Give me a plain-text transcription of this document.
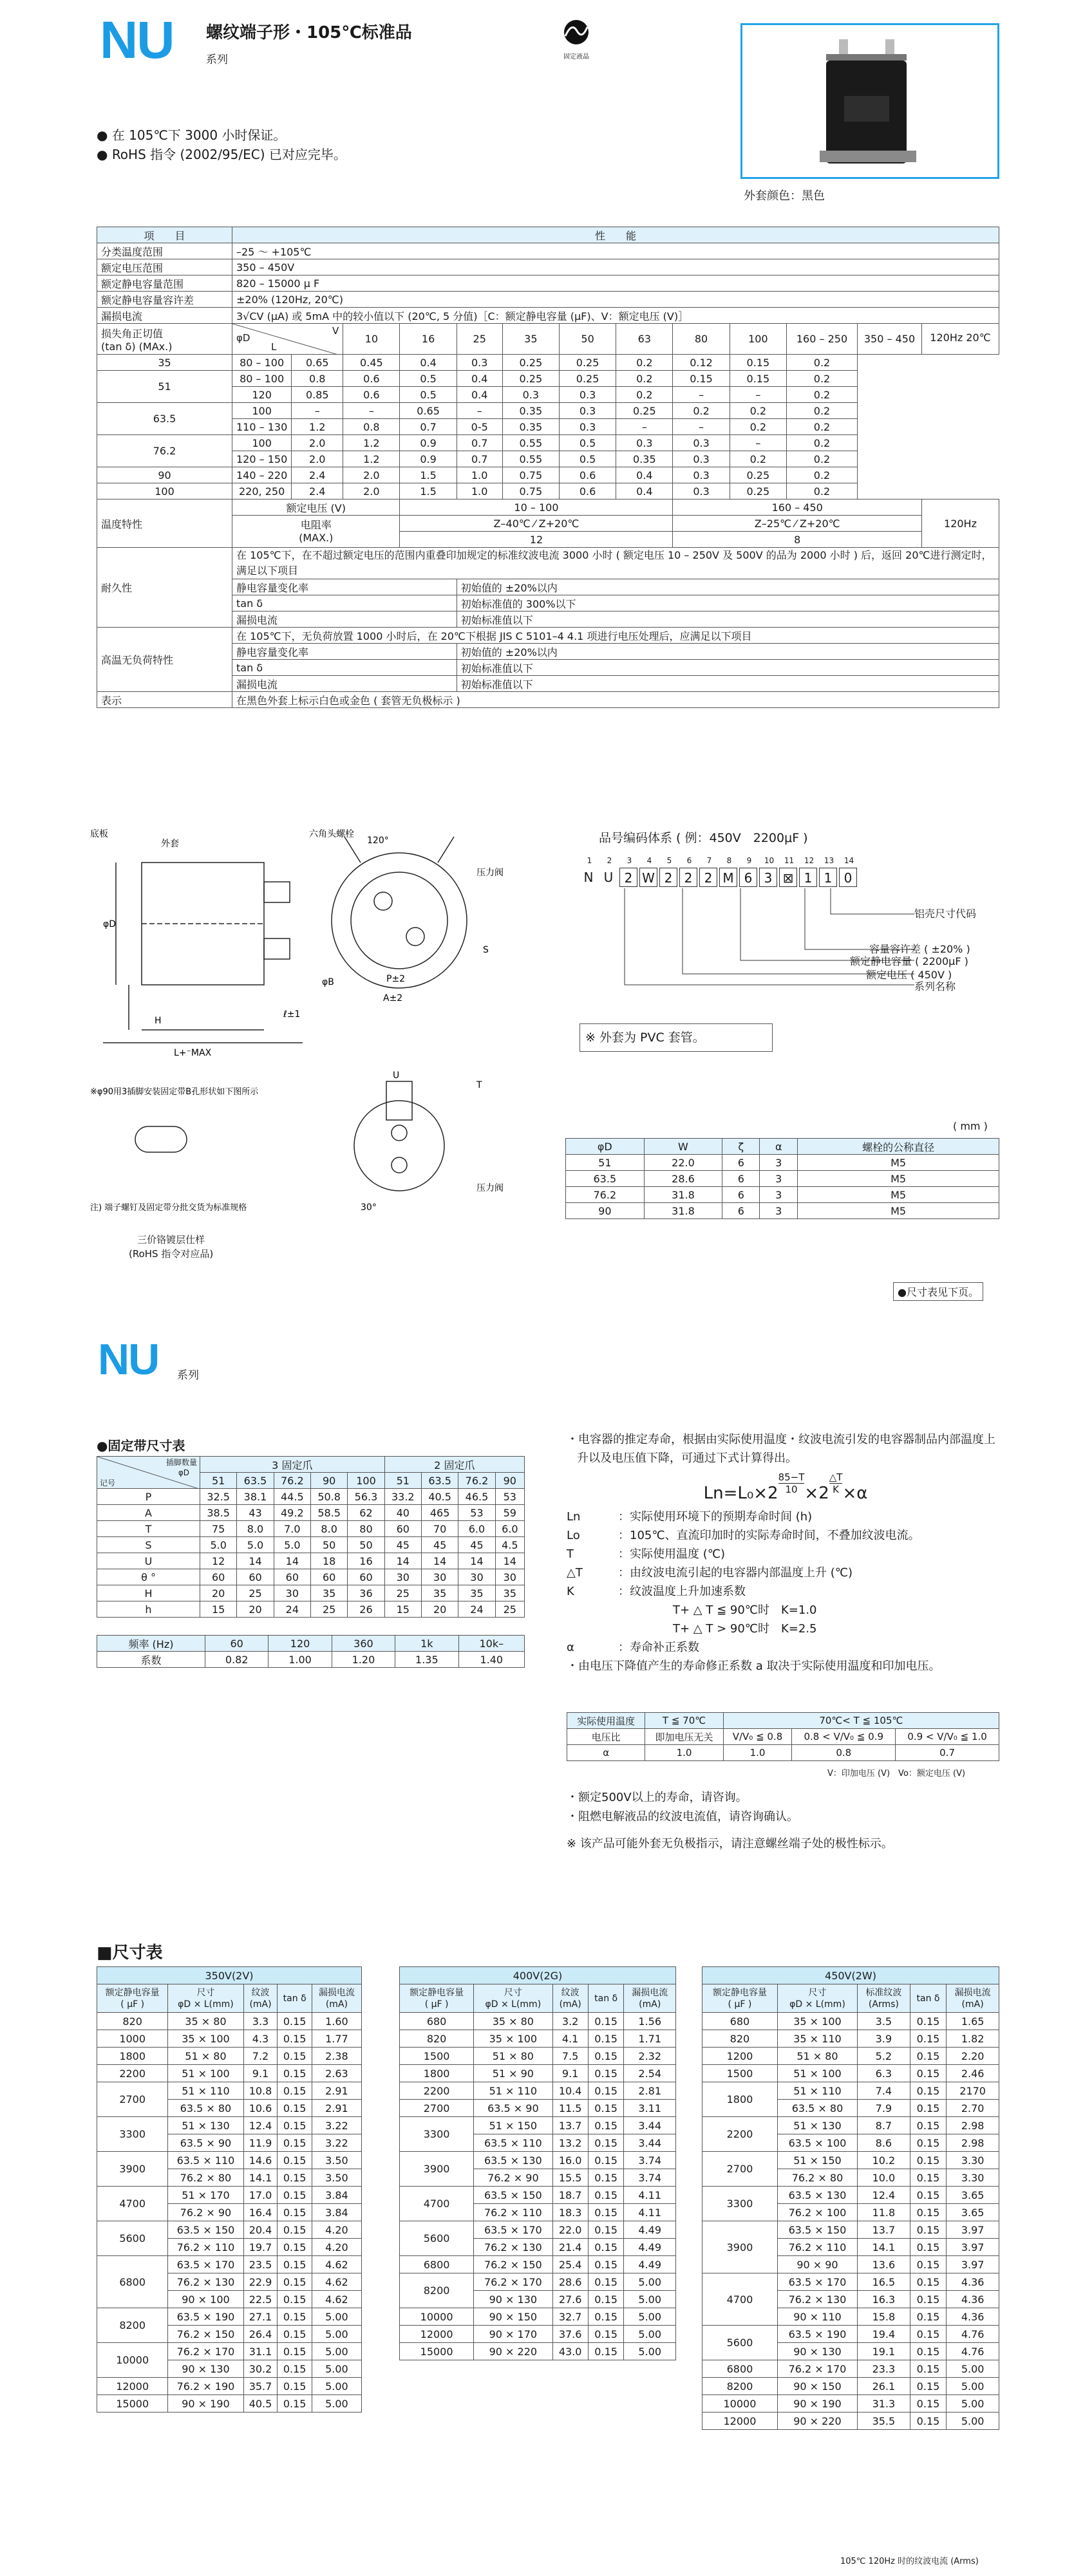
NU 螺纹端子形・105℃标准品
系列	固定液晶
● 在 105℃下 3000 小时保证。
● RoHS 指令 (2002/95/EC) 已对应完毕。
外套颜色：黑色
项　　目	性　　能												
分类温度范围	–25 ～ +105℃												
额定电压范围	350 – 450V												
额定静电容量范围	820 – 15000 μ F												
额定静电容量容许差	±20% (120Hz, 20℃)												
漏损电流	3√CV (μA) 或 5mA 中的较小值以下 (20℃, 5 分值)［C：额定静电容量 (μF)、V：额定电压 (V)］												
损失角正切值
(tan δ) (MAx.)	V
φD
L		10	16	25	35	50	63	80	100	160 – 250	350 – 450	120Hz 20℃
35	80 – 100	0.65	0.45	0.4	0.3	0.25	0.25	0.2	0.12	0.15	0.2		
51	80 – 100	0.8	0.6	0.5	0.4	0.25	0.25	0.2	0.15	0.15	0.2		
	120	0.85	0.6	0.5	0.4	0.3	0.3	0.2	–	–	0.2		
63.5	100	–	–	0.65	–	0.35	0.3	0.25	0.2	0.2	0.2		
	110 – 130	1.2	0.8	0.7	0-5	0.35	0.3	–	–	0.2	0.2		
76.2	100	2.0	1.2	0.9	0.7	0.55	0.5	0.3	0.3	–	0.2		
	120 – 150	2.0	1.2	0.9	0.7	0.55	0.5	0.35	0.3	0.2	0.2		
90	140 – 220	2.4	2.0	1.5	1.0	0.75	0.6	0.4	0.3	0.25	0.2		
100	220, 250	2.4	2.0	1.5	1.0	0.75	0.6	0.4	0.3	0.25	0.2		
温度特性	额定电压 (V)			10 – 100					160 – 450				120Hz
	电阻率
(MAX.)			Z–40℃ ⁄ Z+20℃					Z–25℃ ⁄ Z+20℃				
				12					8				
耐久性	在 105℃下，在不超过额定电压的范围内重叠印加规定的标准纹波电流 3000 小时 ( 额定电压 10 – 250V 及 500V 的品为 2000 小时 ) 后，返回 20℃进行测定时，满足以下项目												
	静电容量变化率				初始值的 ±20%以内								
	tan δ				初始标准值的 300%以下								
	漏损电流				初始标准值以下								
高温无负荷特性	在 105℃下，无负荷放置 1000 小时后，在 20℃下根据 JIS C 5101–4 4.1 项进行电压处理后，应满足以下项目												
	静电容量变化率				初始值的 ±20%以内								
	tan δ				初始标准值以下								
	漏损电流				初始标准值以下								
表示	在黑色外套上标示白色或金色 ( 套管无负极标示 )												
底板
外套
六角头螺栓
φD
H
L+⁻MAX
ℓ±1
120°
压力阀
P±2
A±2
φB
S
T
U
30°
压力阀
※φ90用3插脚安装固定带B孔形状如下图所示
注) 端子螺钉及固定带分批交货为标准规格
三价铬镀层仕样
(RoHS 指令对应品)
品号编码体系 ( 例：450V　2200μF )
1	2	3	4	5	6	7	8	9	10	11	12	13	14
N U 2 W 2 2 2 M 6 3 ⊠ 1 1 0
铝壳尺寸代码
容量容许差 ( ±20% )
额定静电容量 ( 2200μF )
额定电压 ( 450V )
系列名称
※ 外套为 PVC 套管。
( mm )
φD	W	ζ	α	螺栓的公称直径
51	22.0	6	3	M5
63.5	28.6	6	3	M5
76.2	31.8	6	3	M5
90	31.8	6	3	M5
●尺寸表见下页。
NU 系列
●固定带尺寸表
插脚数量
φD
记号	3 固定爪					2 固定爪			
	51	63.5	76.2	90	100	51	63.5	76.2	90
P	32.5	38.1	44.5	50.8	56.3	33.2	40.5	46.5	53
A	38.5	43	49.2	58.5	62	40	465	53	59
T	75	8.0	7.0	8.0	80	60	70	6.0	6.0
S	5.0	5.0	5.0	50	50	45	45	45	4.5
U	12	14	14	18	16	14	14	14	14
θ °	60	60	60	60	60	30	30	30	30
H	20	25	30	35	36	25	35	35	35
h	15	20	24	25	26	15	20	24	25
频率 (Hz)	60	120	360	1k	10k–
系数	0.82	1.00	1.20	1.35	1.40
・电容器的推定寿命，根据由实际使用温度・纹波电流引发的电容器制品内部温度上升以及电压值下降，可通过下式计算得出。
$Ln=L_0\times 2 \frac{85-T}{10} \times 2 \frac{\triangle T}{K} \times\alpha$
Ln	：实际使用环境下的预期寿命时间 (h)
Lo	：105℃、直流印加时的实际寿命时间，不叠加纹波电流。
T	：实际使用温度 (℃)
△T	：由纹波电流引起的电容器内部温度上升 (℃)
K	：纹波温度上升加速系数
T+ △ T ≦ 90℃时　K=1.0
T+ △ T > 90℃时　K=2.5
α	：寿命补正系数
・由电压下降值产生的寿命修正系数 a 取决于实际使用温度和印加电压。
实际使用温度	T ≦ 70℃	70℃< T ≦ 105℃		
电压比	即加电压无关	V/V₀ ≦ 0.8	0.8 < V/V₀ ≦ 0.9	0.9 < V/V₀ ≦ 1.0
α	1.0	1.0	0.8	0.7
V：印加电压 (V)　Vo：额定电压 (V)
・额定500V以上的寿命，请咨询。
・阻燃电解液品的纹波电流值，请咨询确认。
※ 该产品可能外套无负极指示，请注意螺丝端子处的极性标示。
■尺寸表
350V(2V)				
额定静电容量
( μF )	尺寸
φD × L(mm)	纹波
(mA)	tan δ	漏损电流
(mA)
820	35 × 80	3.3	0.15	1.60
1000	35 × 100	4.3	0.15	1.77
1800	51 × 80	7.2	0.15	2.38
2200	51 × 100	9.1	0.15	2.63
2700	51 × 110	10.8	0.15	2.91
	63.5 × 80	10.6	0.15	2.91
3300	51 × 130	12.4	0.15	3.22
	63.5 × 90	11.9	0.15	3.22
3900	63.5 × 110	14.6	0.15	3.50
	76.2 × 80	14.1	0.15	3.50
4700	51 × 170	17.0	0.15	3.84
	76.2 × 90	16.4	0.15	3.84
5600	63.5 × 150	20.4	0.15	4.20
	76.2 × 110	19.7	0.15	4.20
6800	63.5 × 170	23.5	0.15	4.62
	76.2 × 130	22.9	0.15	4.62
	90 × 100	22.5	0.15	4.62
8200	63.5 × 190	27.1	0.15	5.00
	76.2 × 150	26.4	0.15	5.00
10000	76.2 × 170	31.1	0.15	5.00
	90 × 130	30.2	0.15	5.00
12000	76.2 × 190	35.7	0.15	5.00
15000	90 × 190	40.5	0.15	5.00
400V(2G)				
额定静电容量
( μF )	尺寸
φD × L(mm)	纹波
(mA)	tan δ	漏损电流
(mA)
680	35 × 80	3.2	0.15	1.56
820	35 × 100	4.1	0.15	1.71
1500	51 × 80	7.5	0.15	2.32
1800	51 × 90	9.1	0.15	2.54
2200	51 × 110	10.4	0.15	2.81
2700	63.5 × 90	11.5	0.15	3.11
3300	51 × 150	13.7	0.15	3.44
	63.5 × 110	13.2	0.15	3.44
3900	63.5 × 130	16.0	0.15	3.74
	76.2 × 90	15.5	0.15	3.74
4700	63.5 × 150	18.7	0.15	4.11
	76.2 × 110	18.3	0.15	4.11
5600	63.5 × 170	22.0	0.15	4.49
	76.2 × 130	21.4	0.15	4.49
6800	76.2 × 150	25.4	0.15	4.49
8200	76.2 × 170	28.6	0.15	5.00
	90 × 130	27.6	0.15	5.00
10000	90 × 150	32.7	0.15	5.00
12000	90 × 170	37.6	0.15	5.00
15000	90 × 220	43.0	0.15	5.00
450V(2W)				
额定静电容量
( μF )	尺寸
φD × L(mm)	标准纹波
(Arms)	tan δ	漏损电流
(mA)
680	35 × 100	3.5	0.15	1.65
820	35 × 110	3.9	0.15	1.82
1200	51 × 80	5.2	0.15	2.20
1500	51 × 100	6.3	0.15	2.46
1800	51 × 110	7.4	0.15	2170
	63.5 × 80	7.9	0.15	2.70
2200	51 × 130	8.7	0.15	2.98
	63.5 × 100	8.6	0.15	2.98
2700	51 × 150	10.2	0.15	3.30
	76.2 × 80	10.0	0.15	3.30
3300	63.5 × 130	12.4	0.15	3.65
	76.2 × 100	11.8	0.15	3.65
3900	63.5 × 150	13.7	0.15	3.97
	76.2 × 110	14.1	0.15	3.97
	90 × 90	13.6	0.15	3.97
4700	63.5 × 170	16.5	0.15	4.36
	76.2 × 130	16.3	0.15	4.36
	90 × 110	15.8	0.15	4.36
5600	63.5 × 190	19.4	0.15	4.76
	90 × 130	19.1	0.15	4.76
6800	76.2 × 170	23.3	0.15	5.00
8200	90 × 150	26.1	0.15	5.00
10000	90 × 190	31.3	0.15	5.00
12000	90 × 220	35.5	0.15	5.00
105℃ 120Hz 时的纹波电流 (Arms)
